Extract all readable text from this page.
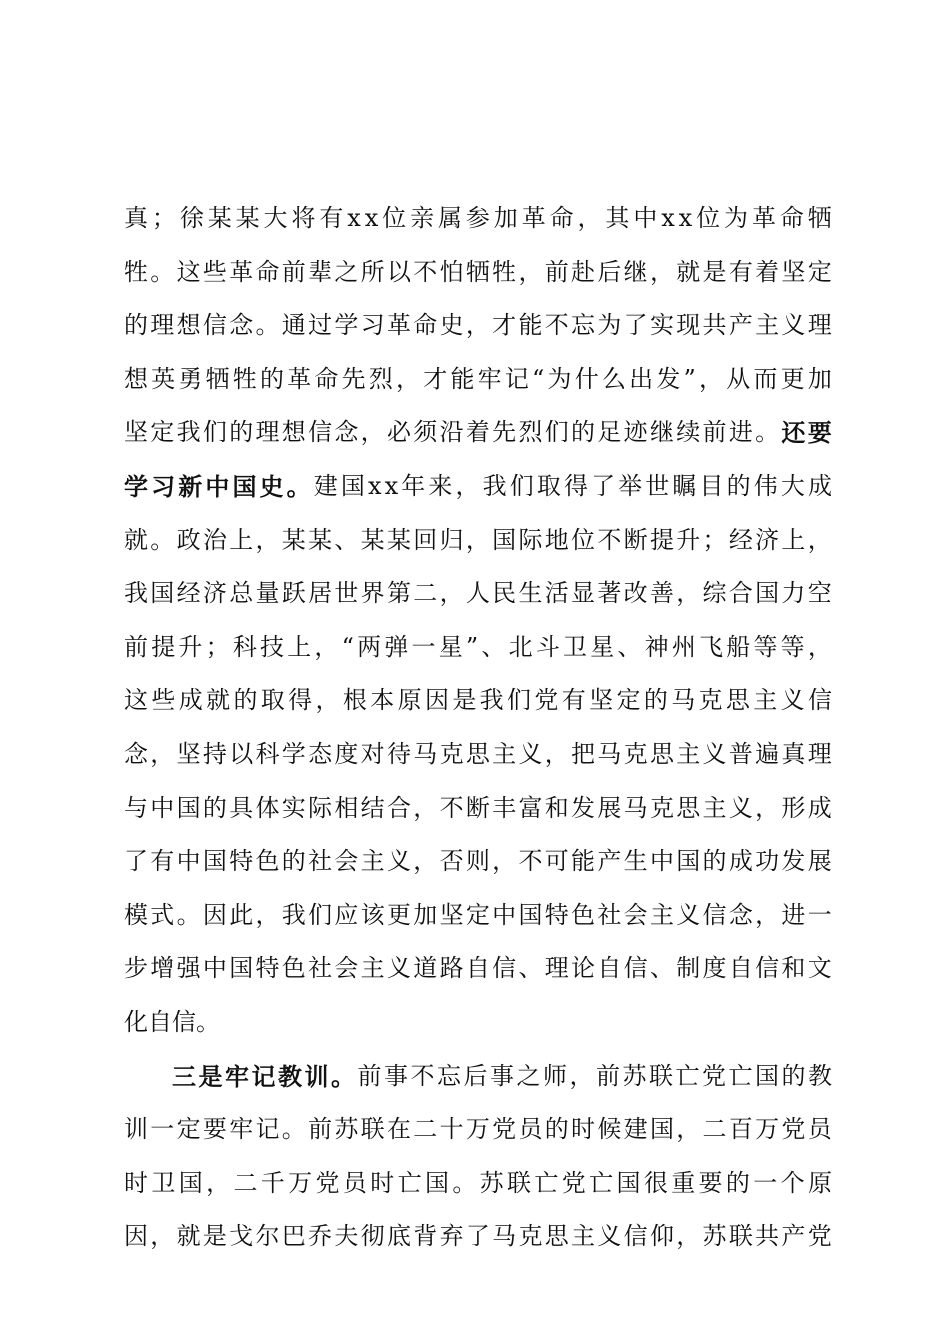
真 ； 徐 某 某 大 将 有 x x 位 亲 属 参 加 革 命 ， 其 中 x x 位 为 革 命 牺
牲 。 这 些 革 命 前 辈 之 所 以 不 怕 牺 牲 ， 前 赴 后 继 ， 就 是 有 着 坚 定
的 理 想 信 念 。 通 过 学 习 革 命 史 ， 才 能 不 忘 为 了 实 现 共 产 主 义 理
想 英 勇 牺 牲 的 革 命 先 烈 ， 才 能 牢 记 “ 为 什 么 出 发 ” ， 从 而 更 加
坚 定 我 们 的 理 想 信 念 ， 必 须 沿 着 先 烈 们 的 足 迹 继 续 前 进 。 还 要
学 习 新 中 国 史 。 建 国 x x 年 来 ， 我 们 取 得 了 举 世 瞩 目 的 伟 大 成
就 。 政 治 上 ， 某 某 、 某 某 回 归 ， 国 际 地 位 不 断 提 升 ； 经 济 上 ，
我 国 经 济 总 量 跃 居 世 界 第 二 ， 人 民 生 活 显 著 改 善 ， 综 合 国 力 空
前 提 升 ； 科 技 上 ， “ 两 弹 一 星 ” 、 北 斗 卫 星 、 神 州 飞 船 等 等 ，
这 些 成 就 的 取 得 ， 根 本 原 因 是 我 们 党 有 坚 定 的 马 克 思 主 义 信
念 ， 坚 持 以 科 学 态 度 对 待 马 克 思 主 义 ， 把 马 克 思 主 义 普 遍 真 理
与 中 国 的 具 体 实 际 相 结 合 ， 不 断 丰 富 和 发 展 马 克 思 主 义 ， 形 成
了 有 中 国 特 色 的 社 会 主 义 ， 否 则 ， 不 可 能 产 生 中 国 的 成 功 发 展
模 式 。 因 此 ， 我 们 应 该 更 加 坚 定 中 国 特 色 社 会 主 义 信 念 ， 进 一
步 增 强 中 国 特 色 社 会 主 义 道 路 自 信 、 理 论 自 信 、 制 度 自 信 和 文
化自信。
三 是 牢 记 教 训 。 前 事 不 忘 后 事 之 师 ， 前 苏 联 亡 党 亡 国 的 教
训 一 定 要 牢 记 。 前 苏 联 在 二 十 万 党 员 的 时 候 建 国 ， 二 百 万 党 员
时 卫 国 ， 二 千 万 党 员 时 亡 国 。 苏 联 亡 党 亡 国 很 重 要 的 一 个 原
因 ， 就 是 戈 尔 巴 乔 夫 彻 底 背 弃 了 马 克 思 主 义 信 仰 ， 苏 联 共 产 党
